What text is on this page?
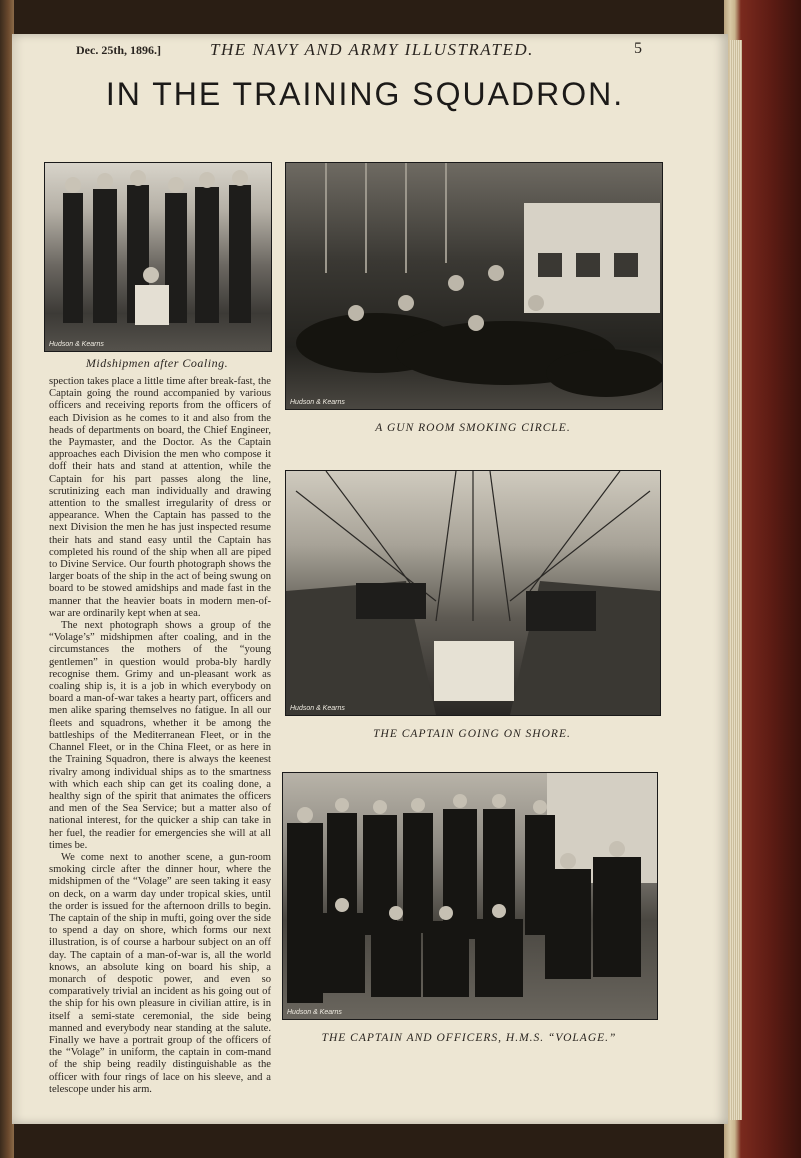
Dec. 25th, 1896.]	THE NAVY AND ARMY ILLUSTRATED.	5
IN THE TRAINING SQUADRON.
Hudson & Kearns
Midshipmen after Coaling.

spection takes place a little time after break-fast, the Captain going the round accompanied by various officers and receiving reports from the officers of each Division as he comes to it and also from the heads of departments on board, the Chief Engineer, the Paymaster, and the Doctor. As the Captain approaches each Division the men who compose it doff their hats and stand at attention, while the Captain for his part passes along the line, scrutinizing each man individually and drawing attention to the smallest irregularity of dress or appearance. When the Captain has passed to the next Division the men he has just inspected resume their hats and stand easy until the Captain has completed his round of the ship when all are piped to Divine Service. Our fourth photograph shows the larger boats of the ship in the act of being swung on board to be stowed amidships and made fast in the manner that the heavier boats in modern men-of-war are ordinarily kept when at sea.

The next photograph shows a group of the “Volage’s” midshipmen after coaling, and in the circumstances the mothers of the “young gentlemen” in question would proba-bly hardly recognise them. Grimy and un-pleasant work as coaling ship is, it is a job in which everybody on board a man-of-war takes a hearty part, officers and men alike sparing themselves no fatigue. In all our fleets and squadrons, whether it be among the battleships of the Mediterranean Fleet, or in the Channel Fleet, or in the China Fleet, or as here in the Training Squadron, there is always the keenest rivalry among individual ships as to the smartness with which each ship can get its coaling done, a healthy sign of the spirit that animates the officers and men of the Sea Service; but a matter also of national interest, for the quicker a ship can take in her fuel, the readier for emergencies she will at all times be.

We come next to another scene, a gun-room smoking circle after the dinner hour, where the midshipmen of the “Volage” are seen taking it easy on deck, on a warm day under tropical skies, until the order is issued for the afternoon drills to begin. The captain of the ship in mufti, going over the side to spend a day on shore, which forms our next illustration, is of course a harbour subject on an off day. The captain of a man-of-war is, all the world knows, an absolute king on board his ship, a monarch of despotic power, and even so comparatively trivial an incident as his going out of the ship for his own pleasure in civilian attire, is in itself a semi-state ceremonial, the side being manned and everybody near standing at the salute. Finally we have a portrait group of the officers of the “Volage” in uniform, the captain in com-mand of the ship being readily distinguishable as the officer with four rings of lace on his sleeve, and a telescope under his arm.

Hudson & Kearns
A GUN ROOM SMOKING CIRCLE.
Hudson & Kearns
THE CAPTAIN GOING ON SHORE.
Hudson & Kearns
THE CAPTAIN AND OFFICERS, H.M.S. “VOLAGE.”
